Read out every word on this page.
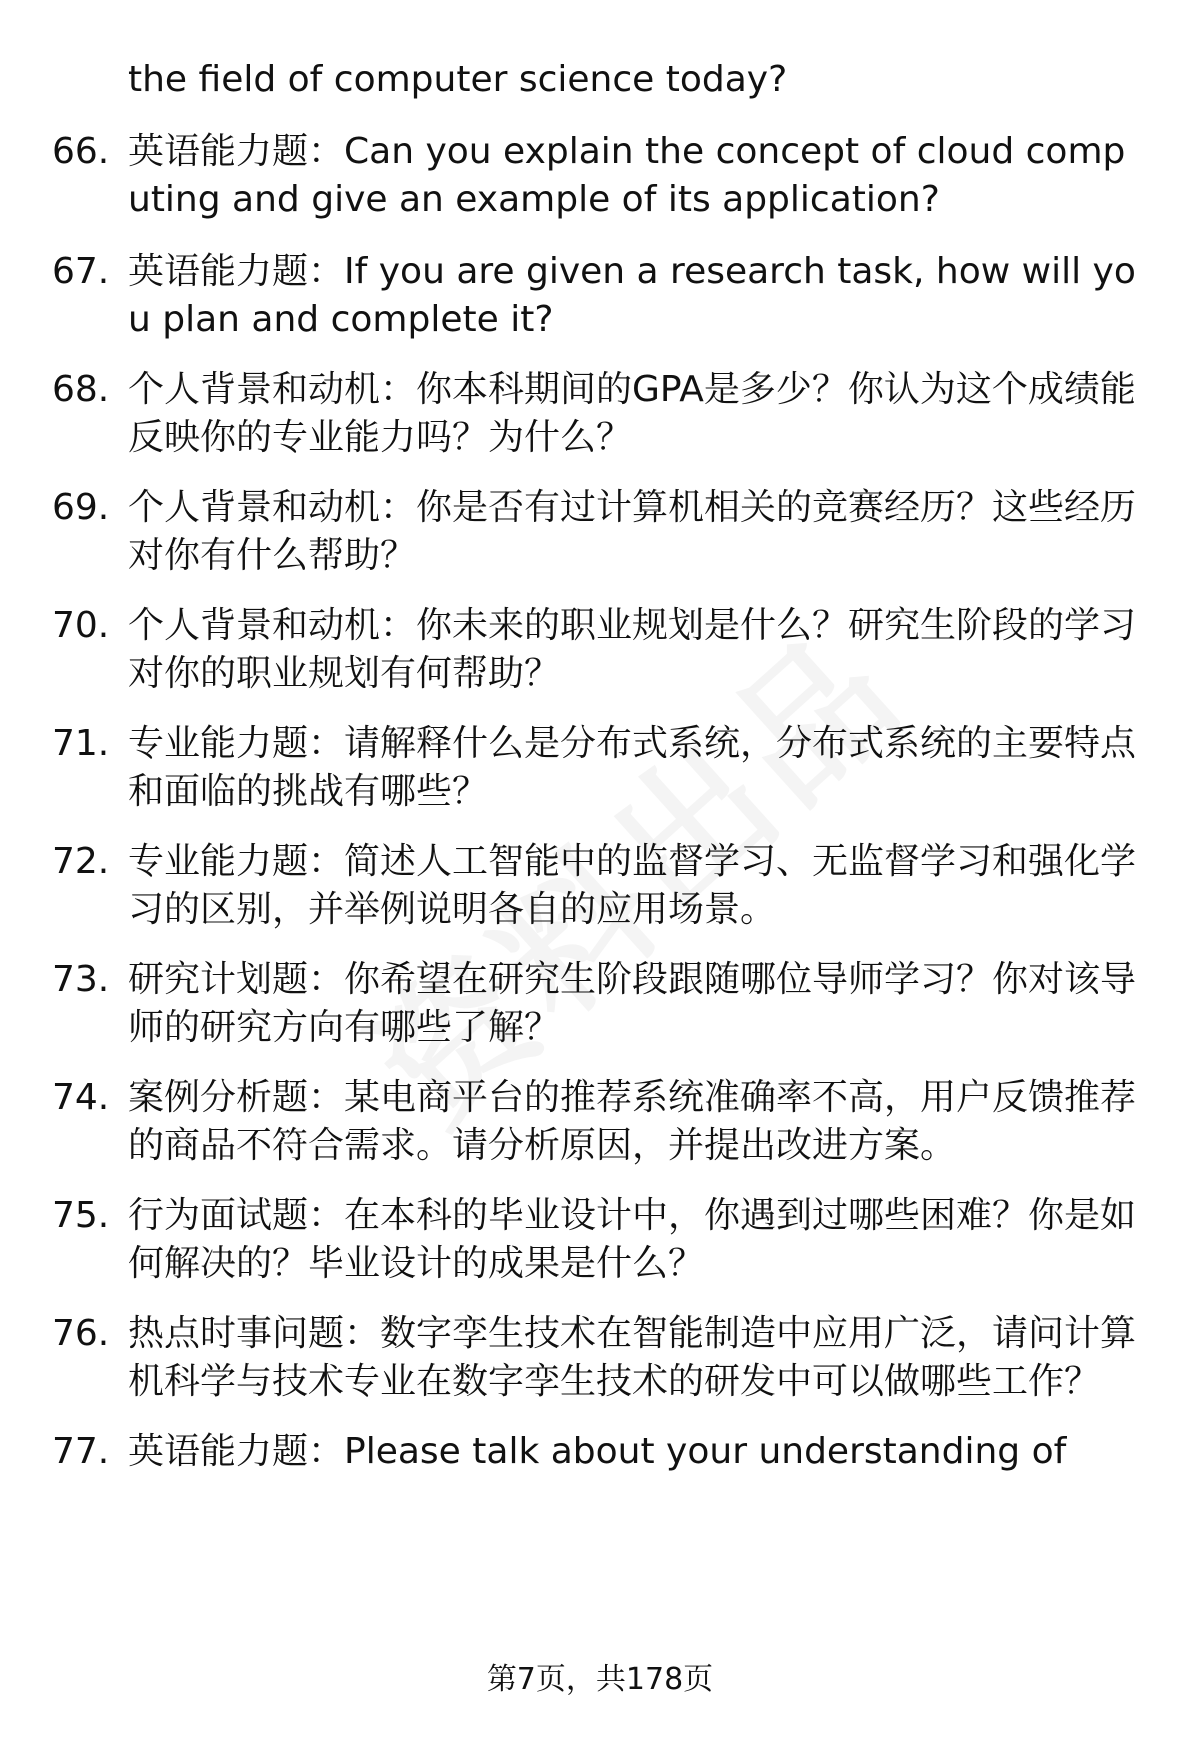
the field of computer science today?
66. 英语能力题：Can you explain the concept of cloud computing and give an example of its application?
67. 英语能力题：If you are given a research task, how will you plan and complete it?
68. 个人背景和动机：你本科期间的GPA是多少？你认为这个成绩能反映你的专业能力吗？为什么？
69. 个人背景和动机：你是否有过计算机相关的竞赛经历？这些经历对你有什么帮助？
70. 个人背景和动机：你未来的职业规划是什么？研究生阶段的学习对你的职业规划有何帮助？
71. 专业能力题：请解释什么是分布式系统，分布式系统的主要特点和面临的挑战有哪些？
72. 专业能力题：简述人工智能中的监督学习、无监督学习和强化学习的区别，并举例说明各自的应用场景。
73. 研究计划题：你希望在研究生阶段跟随哪位导师学习？你对该导师的研究方向有哪些了解？
74. 案例分析题：某电商平台的推荐系统准确率不高，用户反馈推荐的商品不符合需求。请分析原因，并提出改进方案。
75. 行为面试题：在本科的毕业设计中，你遇到过哪些困难？你是如何解决的？毕业设计的成果是什么？
76. 热点时事问题：数字孪生技术在智能制造中应用广泛，请问计算机科学与技术专业在数字孪生技术的研发中可以做哪些工作？
77. 英语能力题：Please talk about your understanding of
第7页，共178页
